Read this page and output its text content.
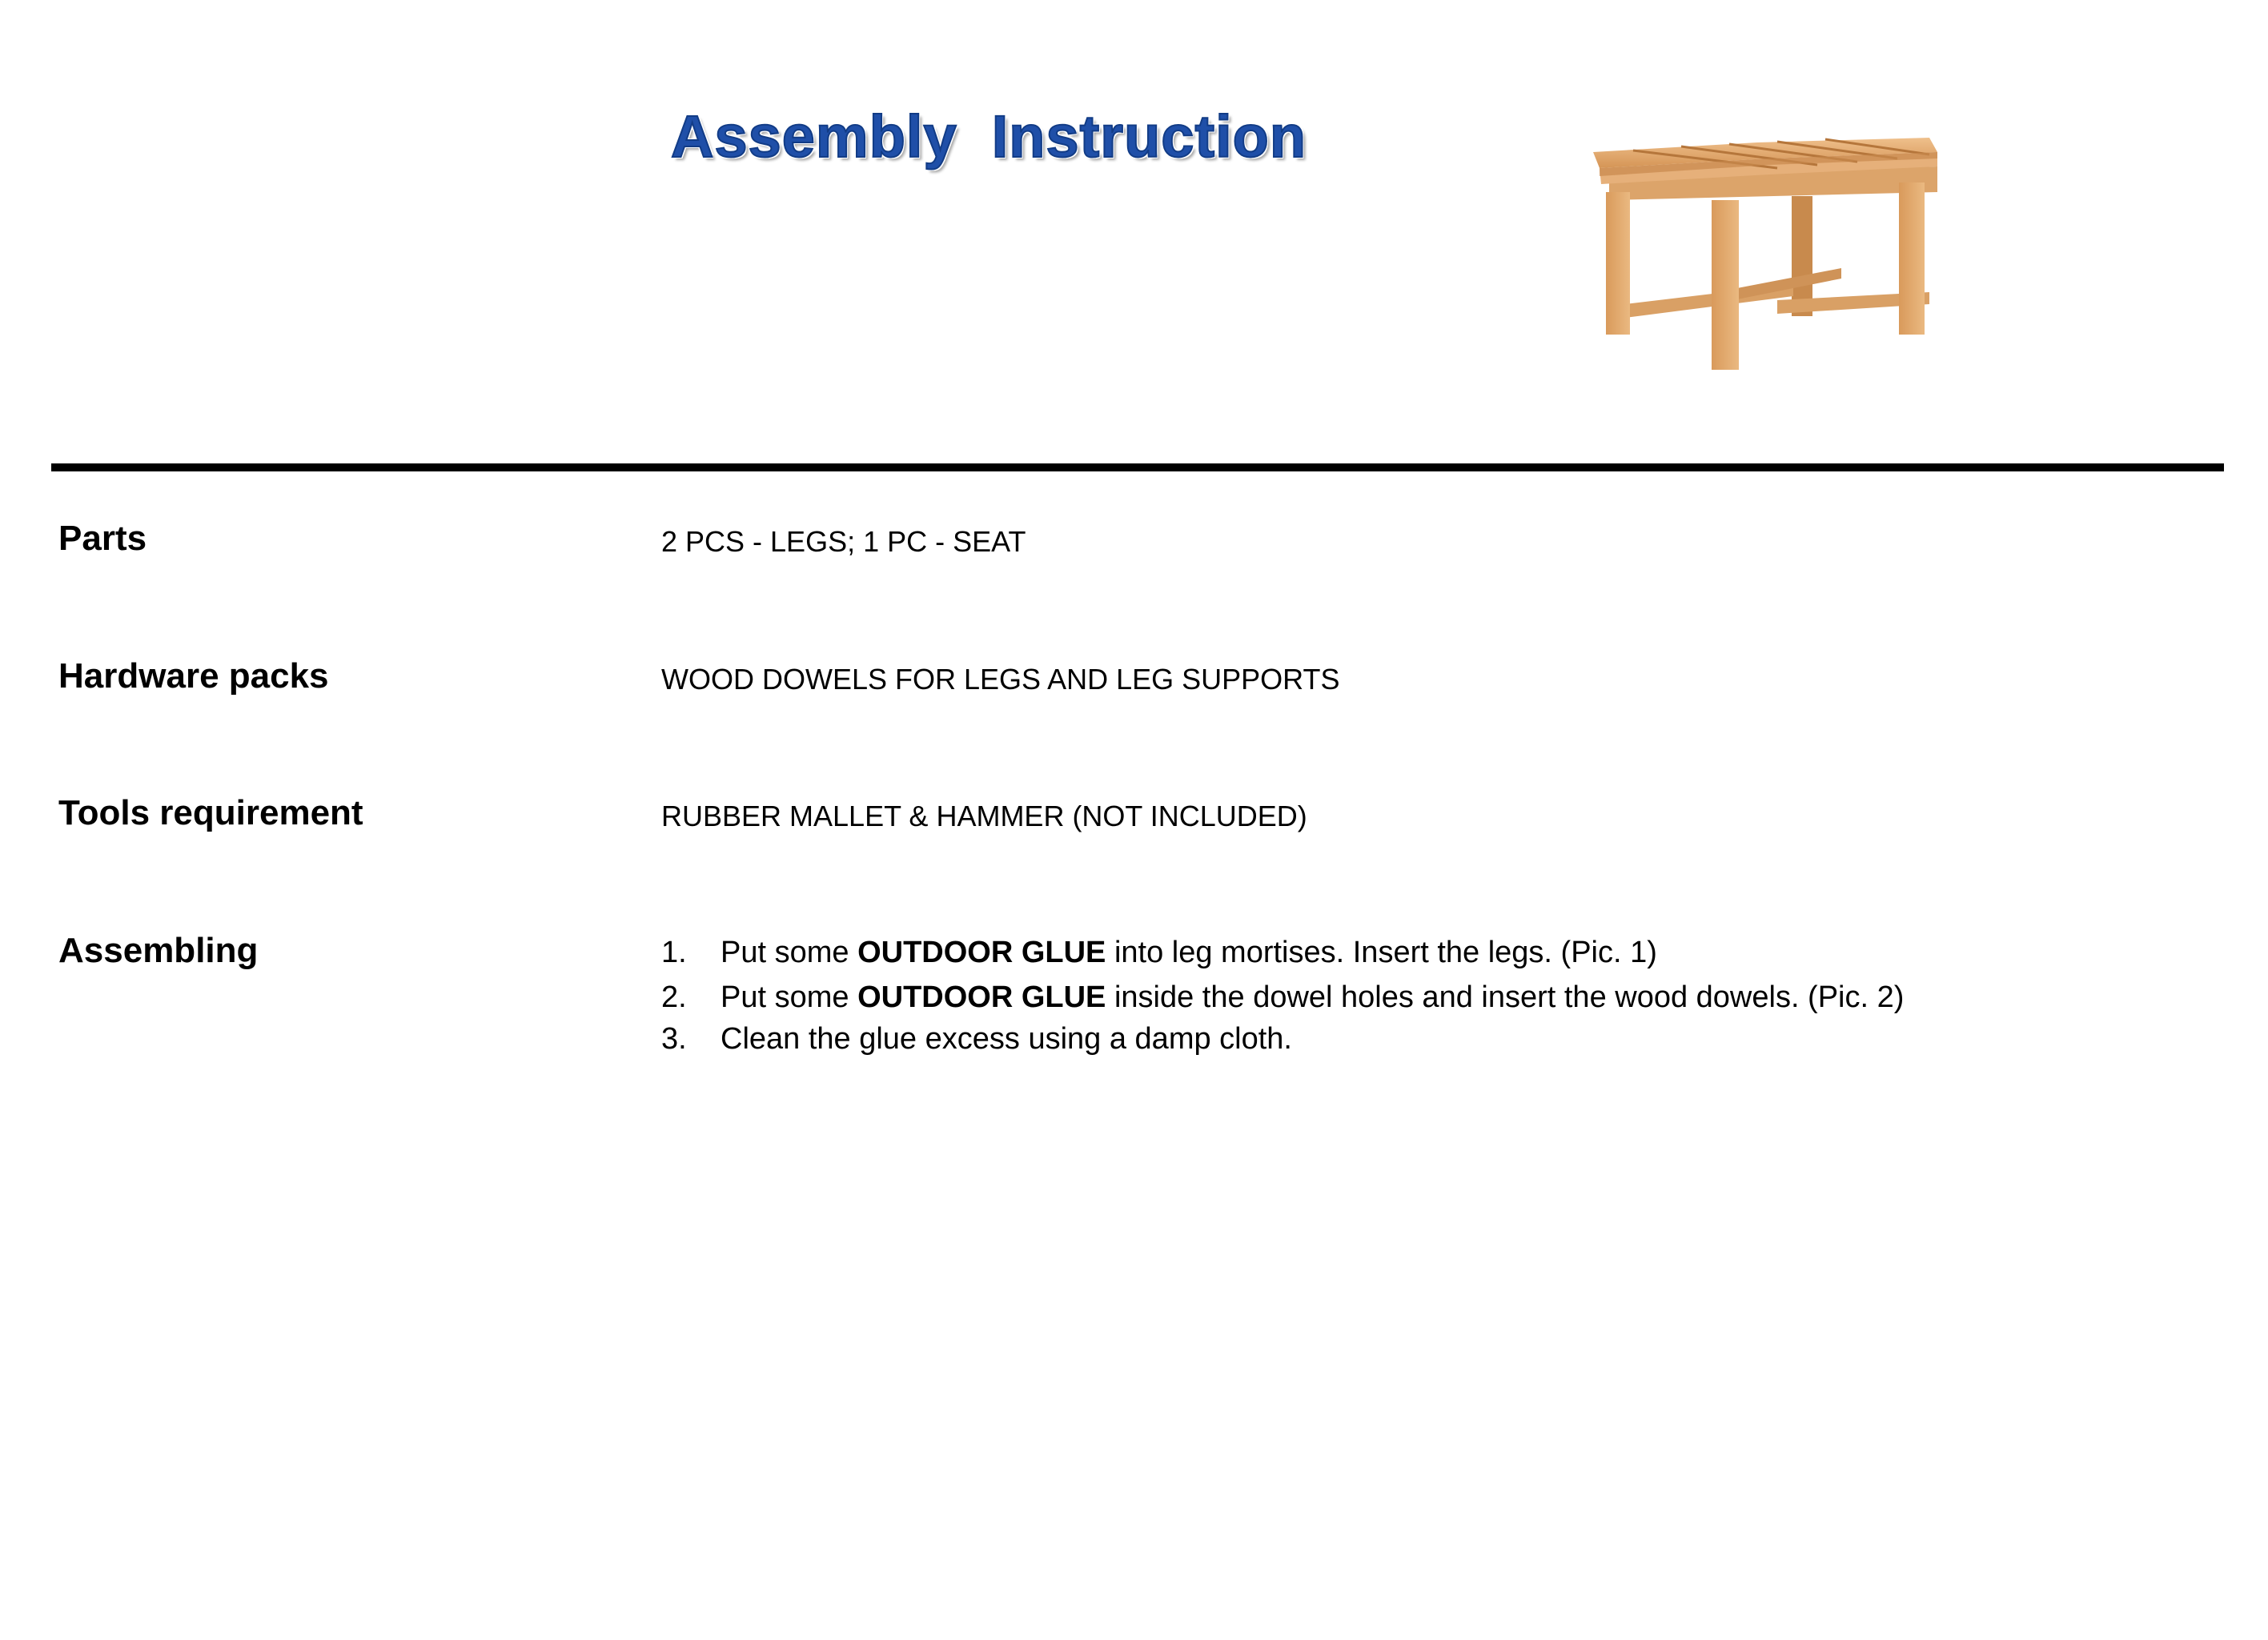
Assembly  Instruction
Parts	2 PCS - LEGS; 1 PC - SEAT
Hardware packs	WOOD DOWELS FOR LEGS AND LEG SUPPORTS
Tools requirement	RUBBER MALLET & HAMMER (NOT INCLUDED)
Assembling	1.	Put some OUTDOOR GLUE into leg mortises. Insert the legs. (Pic. 1)
2.	Put some OUTDOOR GLUE inside the dowel holes and insert the wood dowels. (Pic. 2)
3.	Clean the glue excess using a damp cloth.
